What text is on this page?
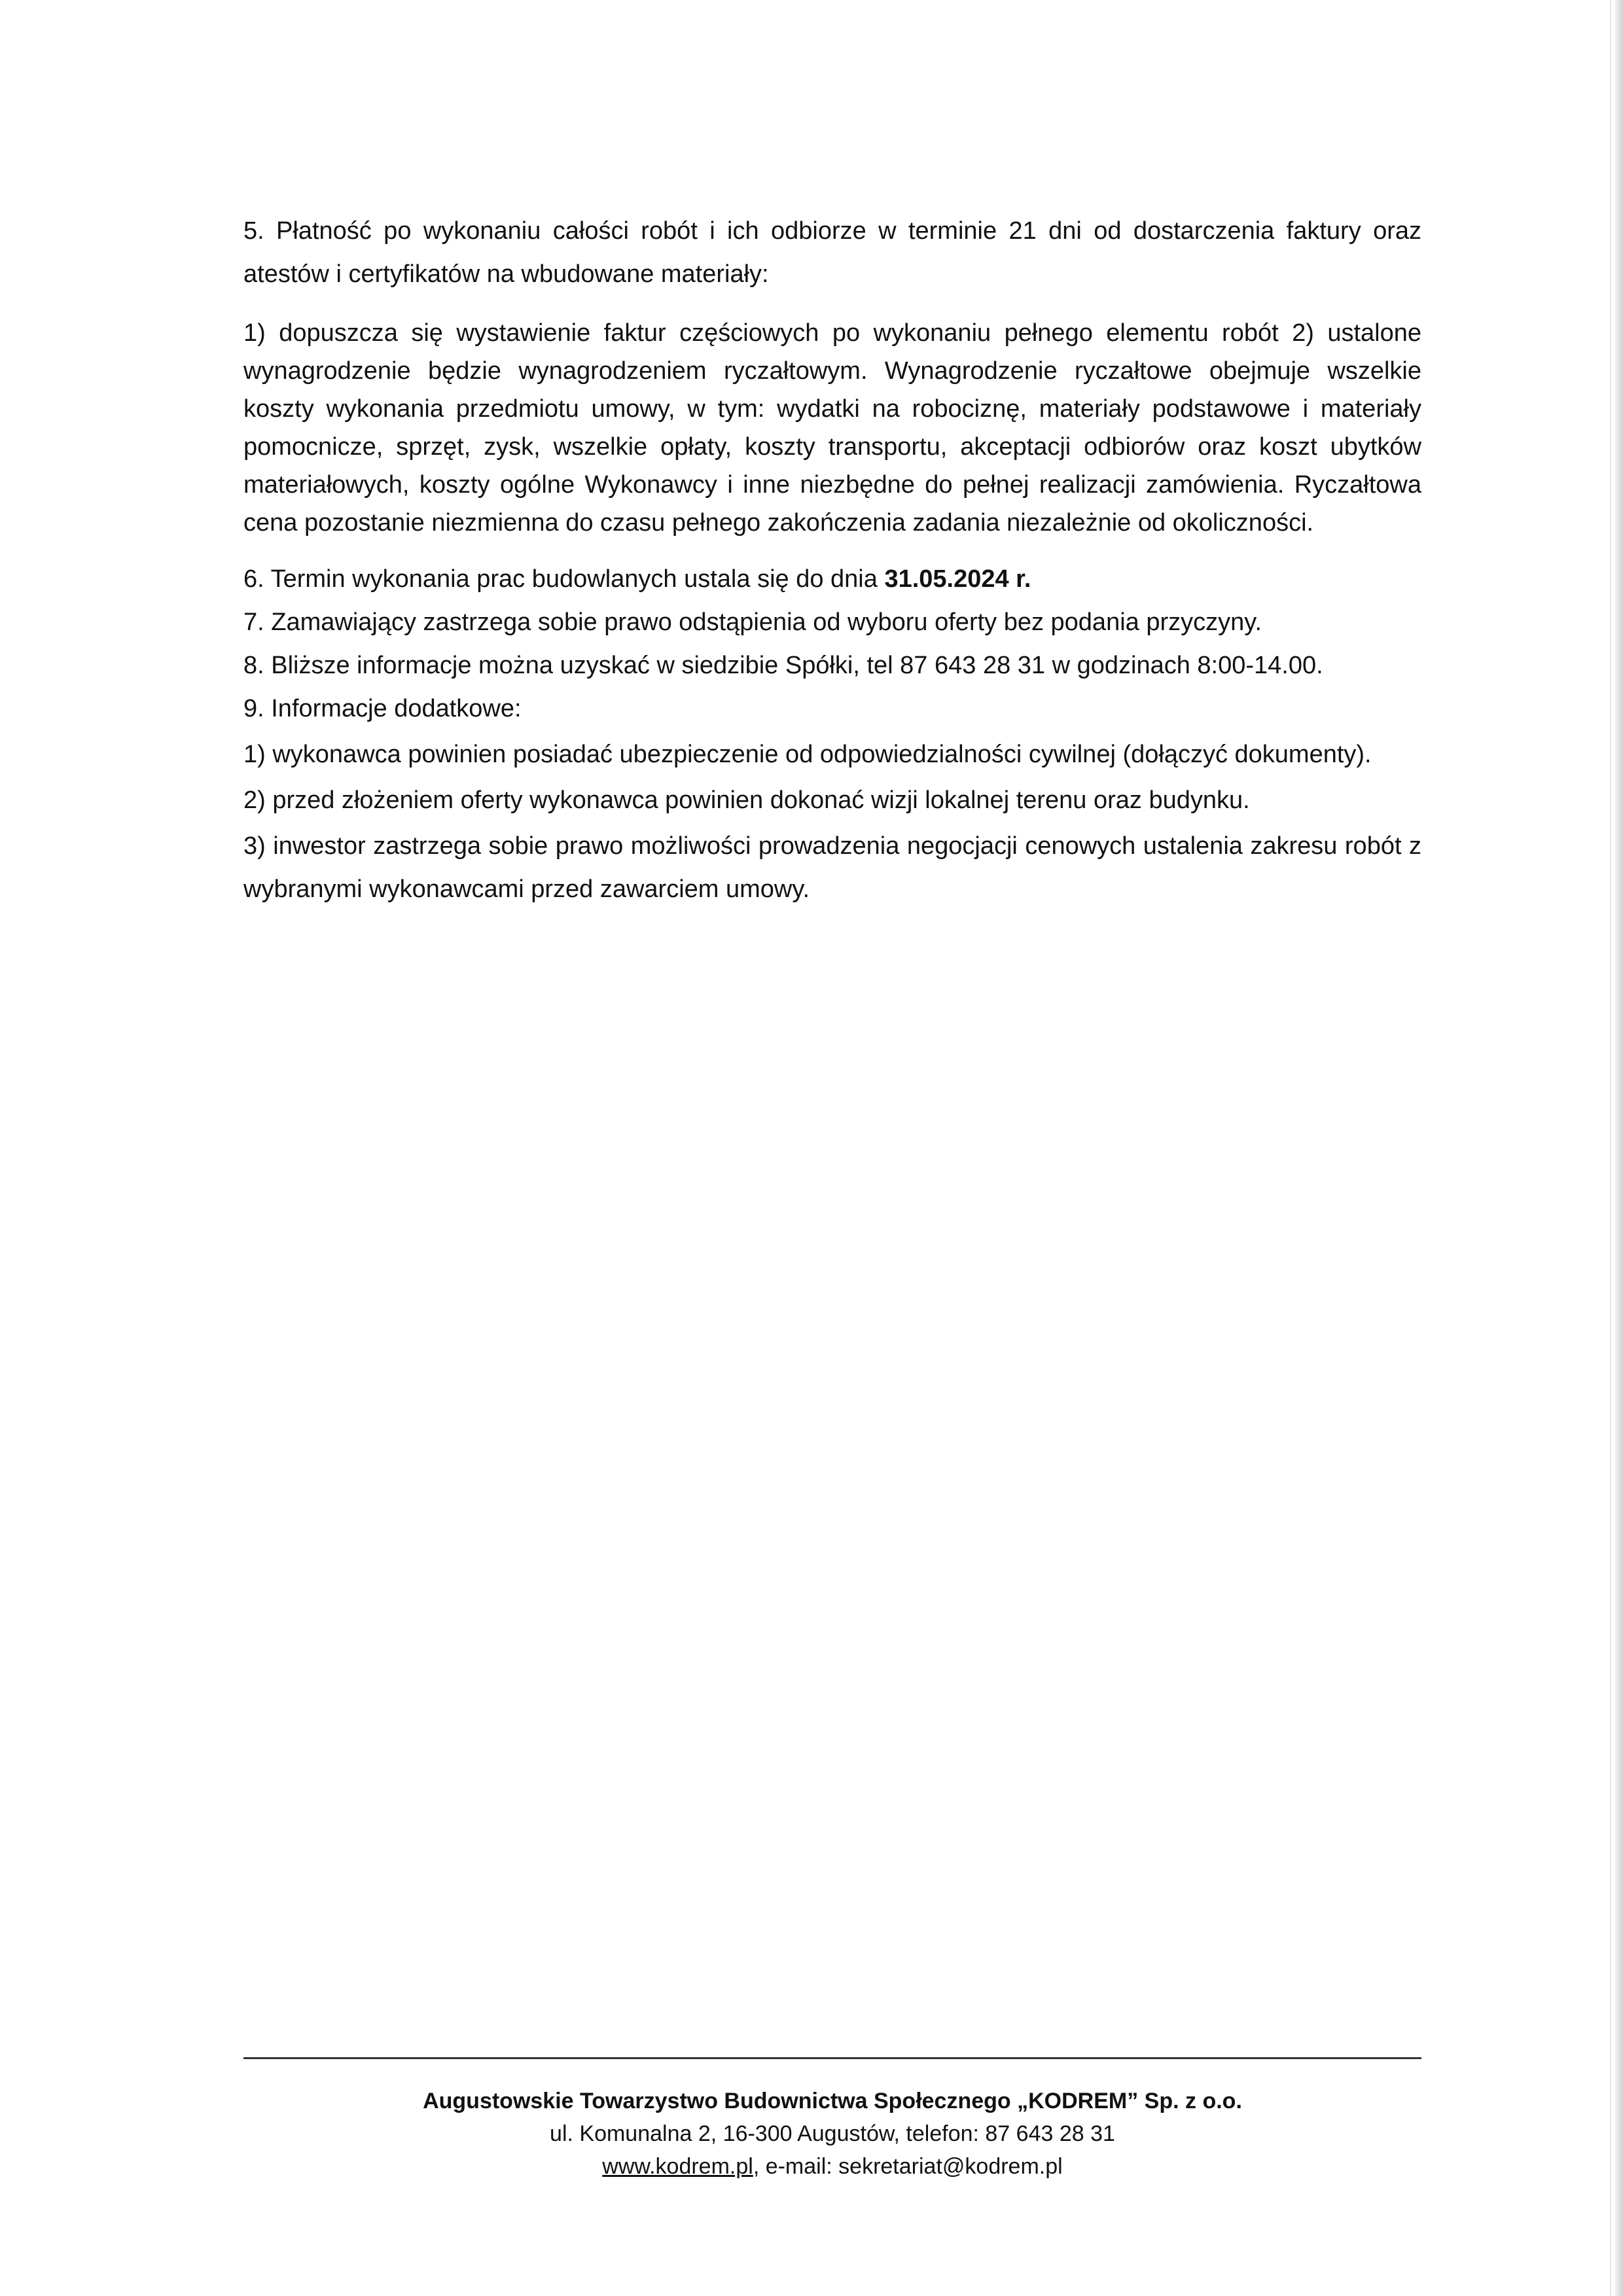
5. Płatność po wykonaniu całości robót i ich odbiorze w terminie 21 dni od dostarczenia faktury oraz atestów i certyfikatów na wbudowane materiały:

1) dopuszcza się wystawienie faktur częściowych po wykonaniu pełnego elementu robót 2) ustalone wynagrodzenie będzie wynagrodzeniem ryczałtowym. Wynagrodzenie ryczałtowe obejmuje wszelkie koszty wykonania przedmiotu umowy, w tym: wydatki na robociznę, materiały podstawowe i materiały pomocnicze, sprzęt, zysk, wszelkie opłaty, koszty transportu, akceptacji odbiorów oraz koszt ubytków materiałowych, koszty ogólne Wykonawcy i inne niezbędne do pełnej realizacji zamówienia. Ryczałtowa cena pozostanie niezmienna do czasu pełnego zakończenia zadania niezależnie od okoliczności.

6. Termin wykonania prac budowlanych ustala się do dnia 31.05.2024 r.

7. Zamawiający zastrzega sobie prawo odstąpienia od wyboru oferty bez podania przyczyny.

8. Bliższe informacje można uzyskać w siedzibie Spółki, tel 87 643 28 31 w godzinach 8:00-14.00.

9. Informacje dodatkowe:

1) wykonawca powinien posiadać ubezpieczenie od odpowiedzialności cywilnej (dołączyć dokumenty).

2) przed złożeniem oferty wykonawca powinien dokonać wizji lokalnej terenu oraz budynku.

3) inwestor zastrzega sobie prawo możliwości prowadzenia negocjacji cenowych ustalenia zakresu robót z wybranymi wykonawcami przed zawarciem umowy.

Augustowskie Towarzystwo Budownictwa Społecznego „KODREM” Sp. z o.o.
ul. Komunalna 2, 16-300 Augustów, telefon: 87 643 28 31
www.kodrem.pl, e-mail: sekretariat@kodrem.pl
